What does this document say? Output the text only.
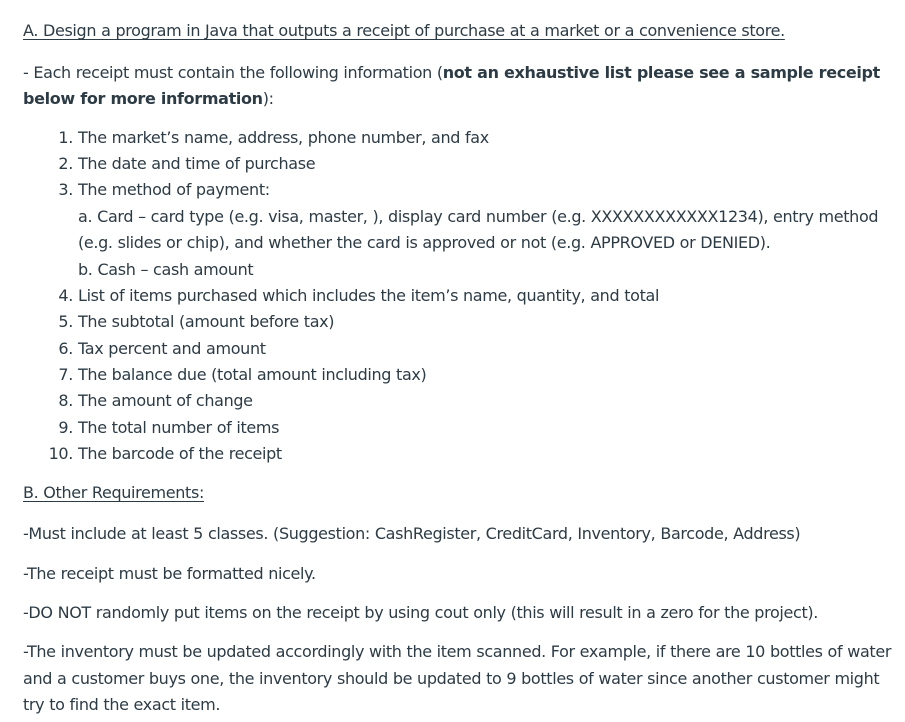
A. Design a program in Java that outputs a receipt of purchase at a market or a convenience store.

- Each receipt must contain the following information (not an exhaustive list please see a sample receipt below for more information):

1. The market’s name, address, phone number, and fax
2. The date and time of purchase
3. The method of payment:
a. Card – card type (e.g. visa, master, ), display card number (e.g. XXXXXXXXXXXX1234), entry method
(e.g. slides or chip), and whether the card is approved or not (e.g. APPROVED or DENIED).
b. Cash – cash amount
4. List of items purchased which includes the item’s name, quantity, and total
5. The subtotal (amount before tax)
6. Tax percent and amount
7. The balance due (total amount including tax)
8. The amount of change
9. The total number of items
10. The barcode of the receipt
B. Other Requirements:

-Must include at least 5 classes. (Suggestion: CashRegister, CreditCard, Inventory, Barcode, Address)

-The receipt must be formatted nicely.

-DO NOT randomly put items on the receipt by using cout only (this will result in a zero for the project).

-The inventory must be updated accordingly with the item scanned. For example, if there are 10 bottles of water and a customer buys one, the inventory should be updated to 9 bottles of water since another customer might try to find the exact item.
